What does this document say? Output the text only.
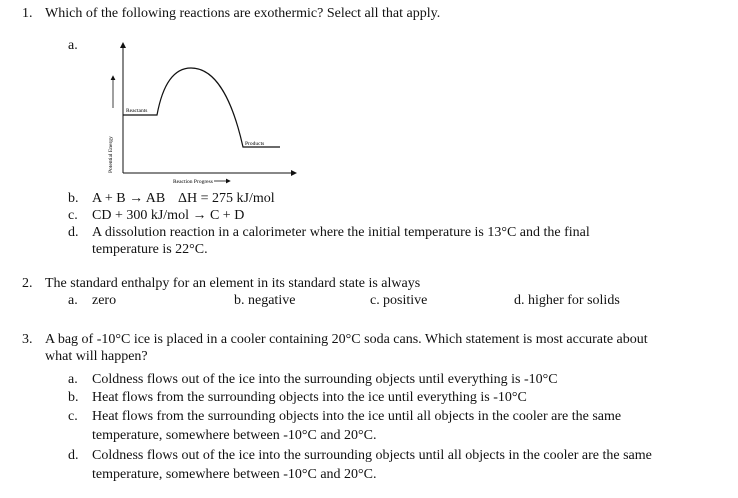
1. Which of the following reactions are exothermic? Select all that apply.
a.
Potential Energy
Reactants
Products
Reaction Progress
b. A + B → AB ΔH = 275 kJ/mol
c. CD + 300 kJ/mol → C + D
d. A dissolution reaction in a calorimeter where the initial temperature is 13°C and the final
temperature is 22°C.
2. The standard enthalpy for an element in its standard state is always
a. zero	b. negative	c. positive	d. higher for solids
3. A bag of -10°C ice is placed in a cooler containing 20°C soda cans. Which statement is most accurate about
what will happen?
a. Coldness flows out of the ice into the surrounding objects until everything is -10°C
b. Heat flows from the surrounding objects into the ice until everything is -10°C
c. Heat flows from the surrounding objects into the ice until all objects in the cooler are the same
temperature, somewhere between -10°C and 20°C.
d. Coldness flows out of the ice into the surrounding objects until all objects in the cooler are the same
temperature, somewhere between -10°C and 20°C.
